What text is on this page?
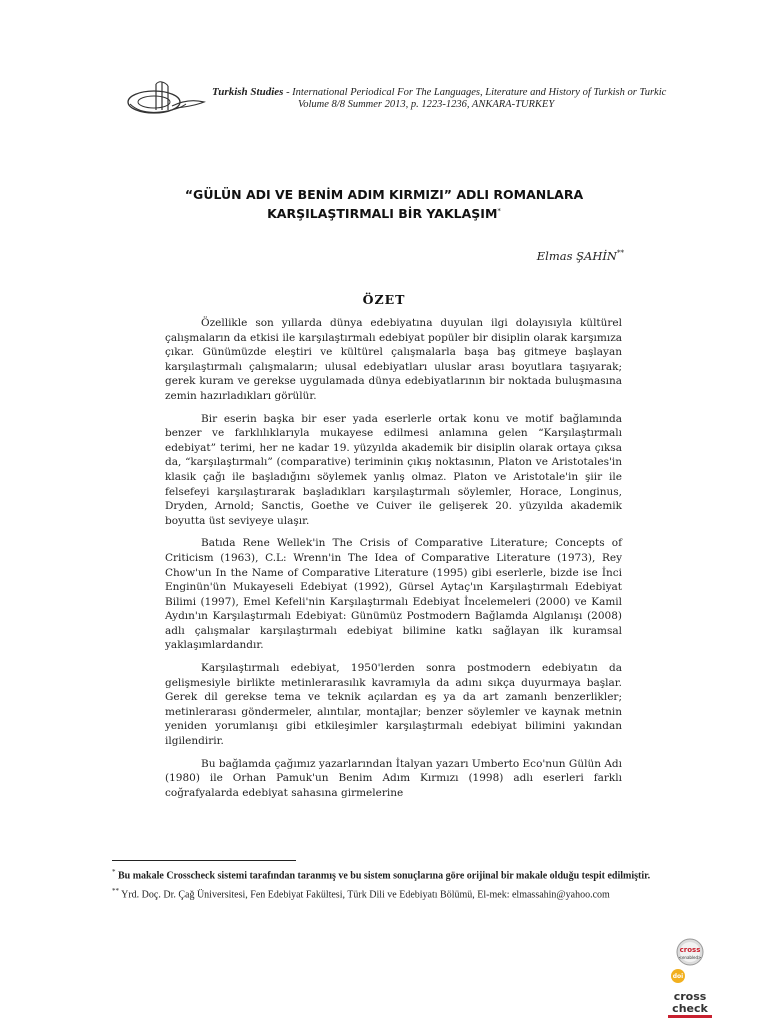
Turkish Studies - International Periodical For The Languages, Literature and History of Turkish or Turkic
Volume 8/8 Summer 2013, p. 1223-1236, ANKARA-TURKEY
“GÜLÜN ADI VE BENİM ADIM KIRMIZI” ADLI ROMANLARA
KARŞILAŞTIRMALI BİR YAKLAŞIM*
Elmas ŞAHİN**
ÖZET

Özellikle son yıllarda dünya edebiyatına duyulan ilgi dolayısıyla kültürel çalışmaların da etkisi ile karşılaştırmalı edebiyat popüler bir disiplin olarak karşımıza çıkar. Günümüzde eleştiri ve kültürel çalışmalarla başa baş gitmeye başlayan karşılaştırmalı çalışmaların; ulusal edebiyatları uluslar arası boyutlara taşıyarak; gerek kuram ve gerekse uygulamada dünya edebiyatlarının bir noktada buluşmasına zemin hazırladıkları görülür.

Bir eserin başka bir eser yada eserlerle ortak konu ve motif bağlamında benzer ve farklılıklarıyla mukayese edilmesi anlamına gelen “Karşılaştırmalı edebiyat” terimi, her ne kadar 19. yüzyılda akademik bir disiplin olarak ortaya çıksa da, “karşılaştırmalı” (comparative) teriminin çıkış noktasının, Platon ve Aristotales'in klasik çağı ile başladığını söylemek yanlış olmaz. Platon ve Aristotale'in şiir ile felsefeyi karşılaştırarak başladıkları karşılaştırmalı söylemler, Horace, Longinus, Dryden, Arnold; Sanctis, Goethe ve Cuiver ile gelişerek 20. yüzyılda akademik boyutta üst seviyeye ulaşır.

Batıda Rene Wellek'in The Crisis of Comparative Literature; Concepts of Criticism (1963), C.L: Wrenn'in The Idea of Comparative Literature (1973), Rey Chow'un In the Name of Comparative Literature (1995) gibi eserlerle, bizde ise İnci Enginün'ün Mukayeseli Edebiyat (1992), Gürsel Aytaç'ın Karşılaştırmalı Edebiyat Bilimi (1997), Emel Kefeli'nin Karşılaştırmalı Edebiyat İncelemeleri (2000) ve Kamil Aydın'ın Karşılaştırmalı Edebiyat: Günümüz Postmodern Bağlamda Algılanışı (2008) adlı çalışmalar karşılaştırmalı edebiyat bilimine katkı sağlayan ilk kuramsal yaklaşımlardandır.

Karşılaştırmalı edebiyat, 1950'lerden sonra postmodern edebiyatın da gelişmesiyle birlikte metinlerarasılık kavramıyla da adını sıkça duyurmaya başlar. Gerek dil gerekse tema ve teknik açılardan eş ya da art zamanlı benzerlikler; metinlerarası göndermeler, alıntılar, montajlar; benzer söylemler ve kaynak metnin yeniden yorumlanışı gibi etkileşimler karşılaştırmalı edebiyat bilimini yakından ilgilendirir.

Bu bağlamda çağımız yazarlarından İtalyan yazarı Umberto Eco'nun Gülün Adı (1980) ile Orhan Pamuk'un Benim Adım Kırmızı (1998) adlı eserleri farklı coğrafyalarda edebiyat sahasına girmelerine

* Bu makale Crosscheck sistemi tarafından taranmış ve bu sistem sonuçlarına göre orijinal bir makale olduğu tespit edilmiştir.

** Yrd. Doç. Dr. Çağ Üniversitesi, Fen Edebiyat Fakültesi, Türk Dili ve Edebiyatı Bölümü, El-mek: elmassahin@yahoo.com

cross
<enabled>
doi
cross
check
